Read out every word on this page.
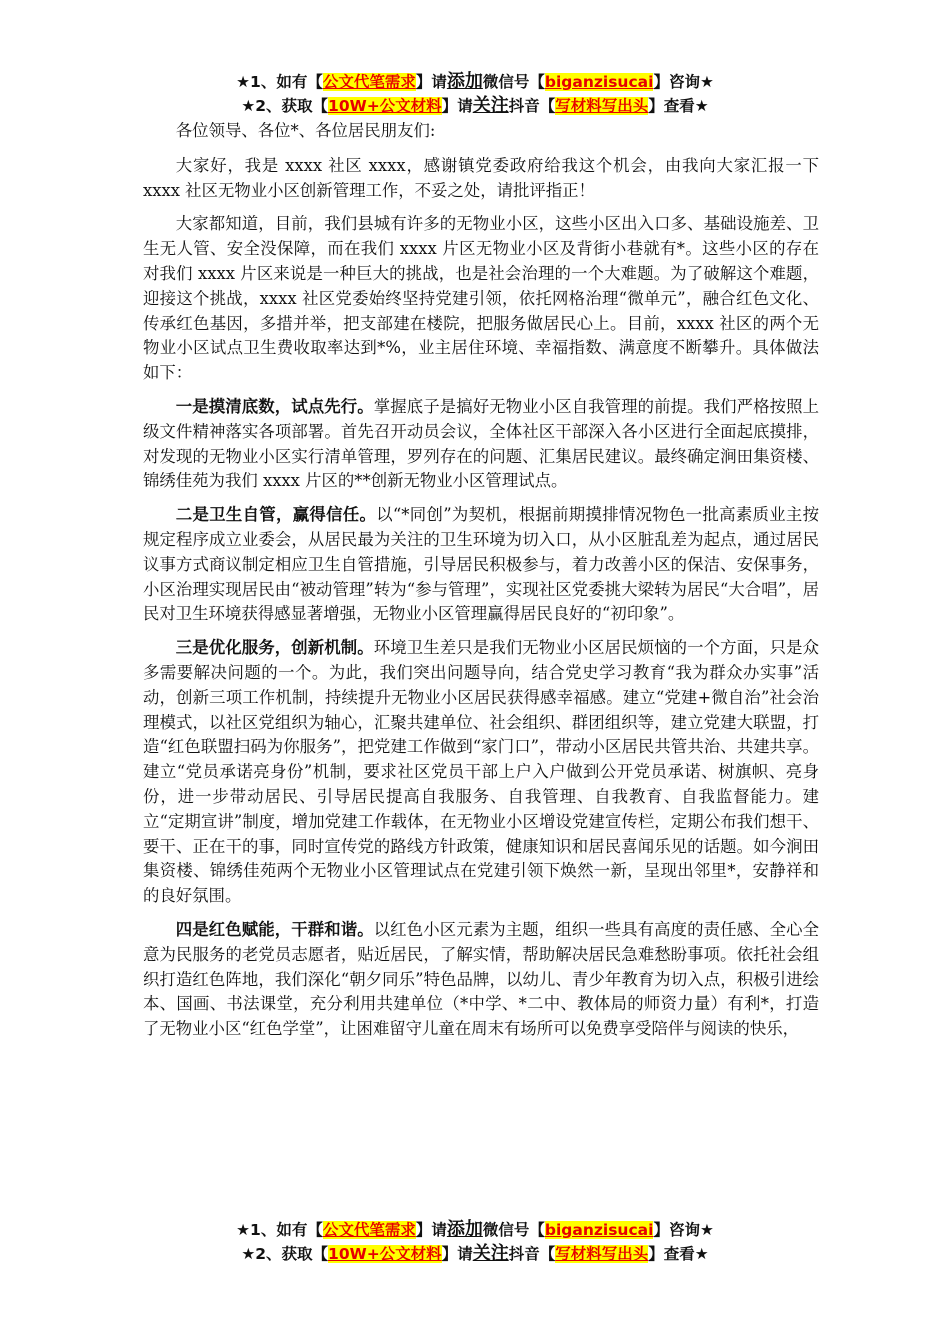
★1、如有【公文代笔需求】请添加微信号【biganzisucai】咨询★
★2、获取【10W+公文材料】请关注抖音【写材料写出头】查看★

各位领导、各位*、各位居民朋友们:

大家好，我是 xxxx 社区 xxxx，感谢镇党委政府给我这个机会，由我向大家汇报一下 xxxx 社区无物业小区创新管理工作，不妥之处，请批评指正！

大家都知道，目前，我们县城有许多的无物业小区，这些小区出入口多、基础设施差、卫生无人管、安全没保障，而在我们 xxxx 片区无物业小区及背街小巷就有*。这些小区的存在对我们 xxxx 片区来说是一种巨大的挑战，也是社会治理的一个大难题。为了破解这个难题，迎接这个挑战，xxxx 社区党委始终坚持党建引领，依托网格治理“微单元”，融合红色文化、传承红色基因，多措并举，把支部建在楼院，把服务做居民心上。目前，xxxx 社区的两个无物业小区试点卫生费收取率达到*%，业主居住环境、幸福指数、满意度不断攀升。具体做法如下：

一是摸清底数，试点先行。掌握底子是搞好无物业小区自我管理的前提。我们严格按照上级文件精神落实各项部署。首先召开动员会议，全体社区干部深入各小区进行全面起底摸排，对发现的无物业小区实行清单管理，罗列存在的问题、汇集居民建议。最终确定涧田集资楼、锦绣佳苑为我们 xxxx 片区的**创新无物业小区管理试点。

二是卫生自管，赢得信任。以“*同创”为契机，根据前期摸排情况物色一批高素质业主按规定程序成立业委会，从居民最为关注的卫生环境为切入口，从小区脏乱差为起点，通过居民议事方式商议制定相应卫生自管措施，引导居民积极参与，着力改善小区的保洁、安保事务，小区治理实现居民由“被动管理”转为“参与管理”，实现社区党委挑大梁转为居民“大合唱”，居民对卫生环境获得感显著增强，无物业小区管理赢得居民良好的“初印象”。

三是优化服务，创新机制。环境卫生差只是我们无物业小区居民烦恼的一个方面，只是众多需要解决问题的一个。为此，我们突出问题导向，结合党史学习教育“我为群众办实事”活动，创新三项工作机制，持续提升无物业小区居民获得感幸福感。建立“党建+微自治”社会治理模式，以社区党组织为轴心，汇聚共建单位、社会组织、群团组织等，建立党建大联盟，打造“红色联盟扫码为你服务”，把党建工作做到“家门口”，带动小区居民共管共治、共建共享。建立“党员承诺亮身份”机制，要求社区党员干部上户入户做到公开党员承诺、树旗帜、亮身份，进一步带动居民、引导居民提高自我服务、自我管理、自我教育、自我监督能力。建立“定期宣讲”制度，增加党建工作载体，在无物业小区增设党建宣传栏，定期公布我们想干、要干、正在干的事，同时宣传党的路线方针政策，健康知识和居民喜闻乐见的话题。如今涧田集资楼、锦绣佳苑两个无物业小区管理试点在党建引领下焕然一新，呈现出邻里*，安静祥和的良好氛围。

四是红色赋能，干群和谐。以红色小区元素为主题，组织一些具有高度的责任感、全心全意为民服务的老党员志愿者，贴近居民，了解实情，帮助解决居民急难愁盼事项。依托社会组织打造红色阵地，我们深化“朝夕同乐”特色品牌，以幼儿、青少年教育为切入点，积极引进绘本、国画、书法课堂，充分利用共建单位（*中学、*二中、教体局的师资力量）有利*，打造了无物业小区“红色学堂”，让困难留守儿童在周末有场所可以免费享受陪伴与阅读的快乐，

★1、如有【公文代笔需求】请添加微信号【biganzisucai】咨询★
★2、获取【10W+公文材料】请关注抖音【写材料写出头】查看★
